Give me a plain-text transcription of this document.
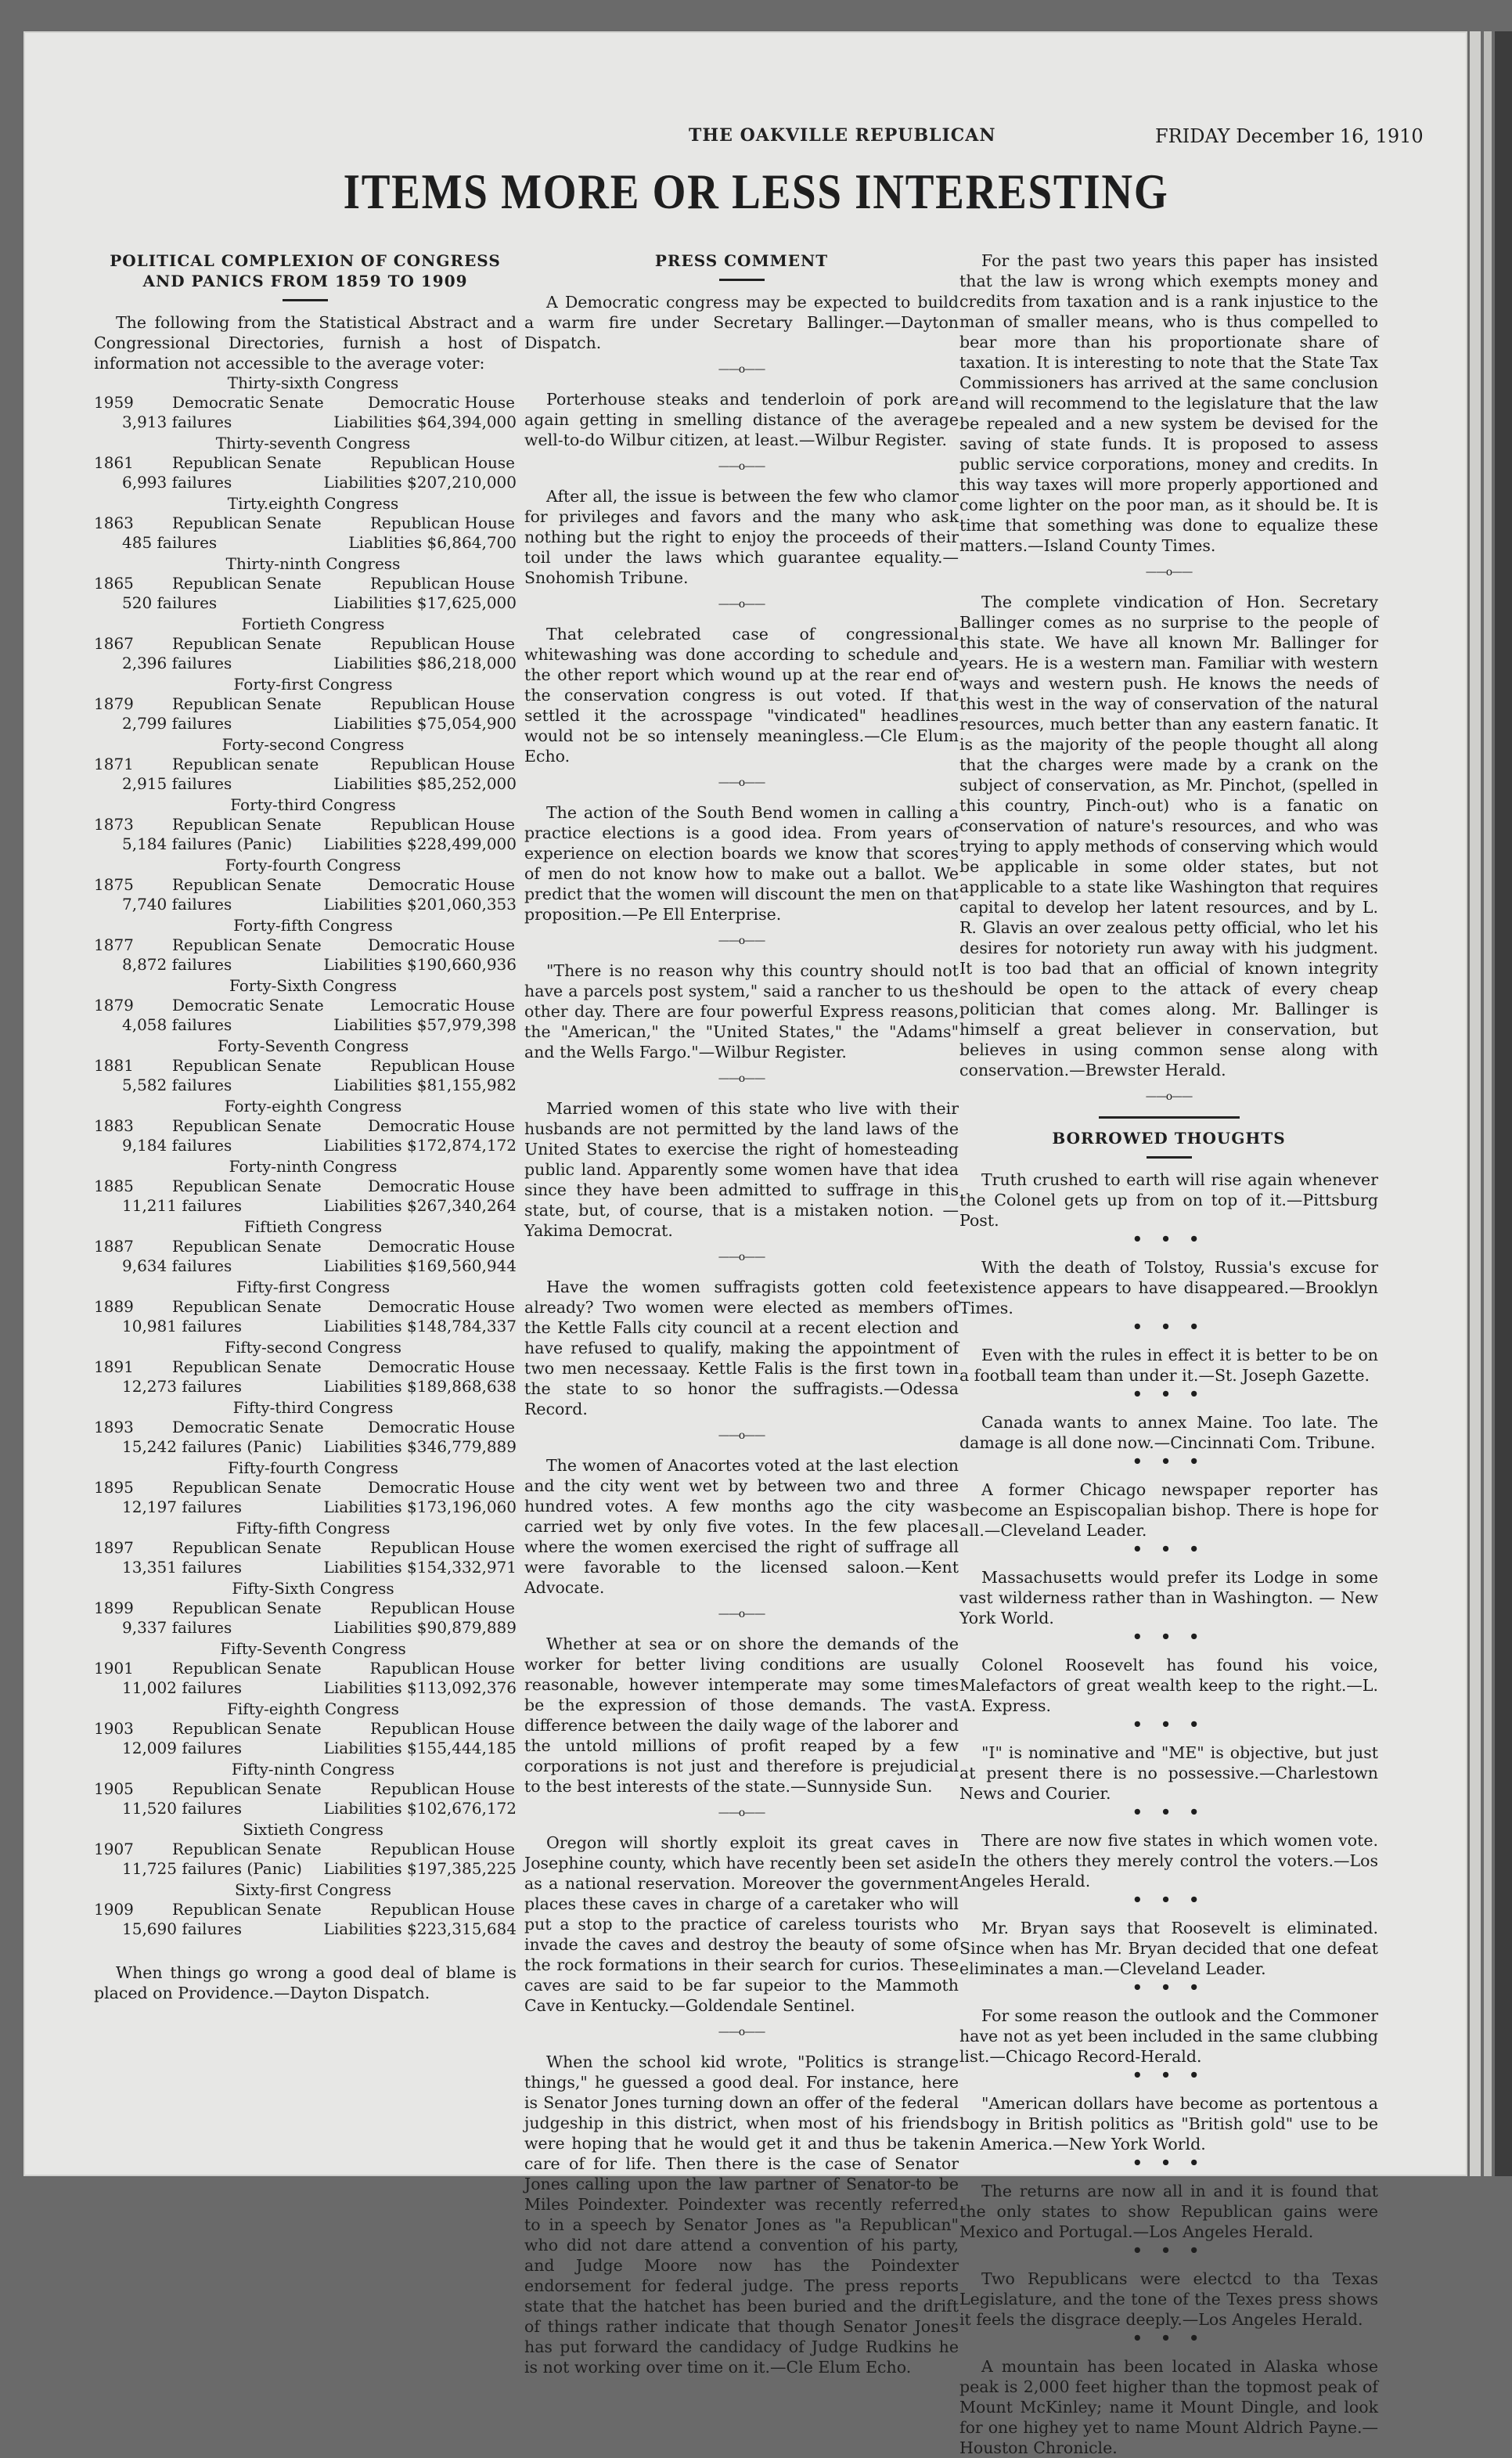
THE OAKVILLE REPUBLICAN	FRIDAY December 16, 1910
ITEMS MORE OR LESS INTERESTING
POLITICAL COMPLEXION OF CONGRESS
AND PANICS FROM 1859 TO 1909

The following from the Statistical Abstract and Congressional Directories, furnish a host of information not accessible to the average voter:

Thirty-sixth Congress
1959	Democratic Senate	Democratic House
3,913 failures	Liabilities $64,394,000
Thirty-seventh Congress
1861	Republican Senate	Republican House
6,993 failures	Liabilities $207,210,000
Tirty.eighth Congress
1863	Republican Senate	Republican House
485 failures	Liablities $6,864,700
Thirty-ninth Congress
1865	Republican Senate	Republican House
520 failures	Liabilities $17,625,000
Fortieth Congress
1867	Republican Senate	Republican House
2,396 failures	Liabilities $86,218,000
Forty-first Congress
1879	Republican Senate	Republican House
2,799 failures	Liabilities $75,054,900
Forty-second Congress
1871	Republican senate	Republican House
2,915 failures	Liabilities $85,252,000
Forty-third Congress
1873	Republican Senate	Republican House
5,184 failures (Panic) Liabilities $228,499,000
Forty-fourth Congress
1875	Republican Senate	Democratic House
7,740 failures	Liabilities $201,060,353
Forty-fifth Congress
1877	Republican Senate	Democratic House
8,872 failures	Liabilities $190,660,936
Forty-Sixth Congress
1879	Democratic Senate	Lemocratic House
4,058 failures	Liabilities $57,979,398
Forty-Seventh Congress
1881	Republican Senate	Republican House
5,582 failures	Liabilities $81,155,982
Forty-eighth Congress
1883	Republican Senate	Democratic House
9,184 failures	Liabilities $172,874,172
Forty-ninth Congress
1885	Republican Senate	Democratic House
11,211 failures	Liabilities $267,340,264
Fiftieth Congress
1887	Republican Senate	Democratic House
9,634 failures	Liabilities $169,560,944
Fifty-first Congress
1889	Republican Senate	Democratic House
10,981 failures	Liabilities $148,784,337
Fifty-second Congress
1891	Republican Senate	Democratic House
12,273 failures	Liabilities $189,868,638
Fifty-third Congress
1893	Democratic Senate	Democratic House
15,242 failures (Panic) Liabilities $346,779,889
Fifty-fourth Congress
1895	Republican Senate	Democratic House
12,197 failures	Liabilities $173,196,060
Fifty-fifth Congress
1897	Republican Senate	Republican House
13,351 failures	Liabilities $154,332,971
Fifty-Sixth Congress
1899	Republican Senate	Republican House
9,337 failures	Liabilities $90,879,889
Fifty-Seventh Congress
1901	Republican Senate	Rapublican House
11,002 failures	Liabilities $113,092,376
Fifty-eighth Congress
1903	Republican Senate	Republican House
12,009 failures	Liabilities $155,444,185
Fifty-ninth Congress
1905	Republican Senate	Republican House
11,520 failures	Liabilities $102,676,172
Sixtieth Congress
1907	Republican Senate	Republican House
11,725 failures (Panic) Liabilities $197,385,225
Sixty-first Congress
1909	Republican Senate	Republican House
15,690 failures	Liabilities $223,315,684

When things go wrong a good deal of blame is placed on Providence.—Dayton Dispatch.

PRESS COMMENT

A Democratic congress may be expected to build a warm fire under Secretary Ballinger.—Dayton Dispatch.

——o——

Porterhouse steaks and tenderloin of pork are again getting in smelling distance of the average well-to-do Wilbur citizen, at least.—Wilbur Register.

——o——

After all, the issue is between the few who clamor for privileges and favors and the many who ask nothing but the right to enjoy the proceeds of their toil under the laws which guarantee equality.—Snohomish Tribune.

——o——

That celebrated case of congressional whitewashing was done according to schedule and the other report which wound up at the rear end of the conservation congress is out voted. If that settled it the acrosspage "vindicated" headlines would not be so intensely meaningless.—Cle Elum Echo.

——o——

The action of the South Bend women in calling a practice elections is a good idea. From years of experience on election boards we know that scores of men do not know how to make out a ballot. We predict that the women will discount the men on that proposition.—Pe Ell Enterprise.

——o——

"There is no reason why this country should not have a parcels post system," said a rancher to us the other day. There are four powerful Express reasons, the "American," the "United States," the "Adams" and the Wells Fargo."—Wilbur Register.

——o——

Married women of this state who live with their husbands are not permitted by the land laws of the United States to exercise the right of homesteading public land. Apparently some women have that idea since they have been admitted to suffrage in this state, but, of course, that is a mistaken notion. — Yakima Democrat.

——o——

Have the women suffragists gotten cold feet already? Two women were elected as members of the Kettle Falls city council at a recent election and have refused to qualify, making the appointment of two men necessaay. Kettle Falis is the first town in the state to so honor the suffragists.—Odessa Record.

——o——

The women of Anacortes voted at the last election and the city went wet by between two and three hundred votes. A few months ago the city was carried wet by only five votes. In the few places where the women exercised the right of suffrage all were favorable to the licensed saloon.—Kent Advocate.

——o——

Whether at sea or on shore the demands of the worker for better living conditions are usually reasonable, however intemperate may some times be the expression of those demands. The vast difference between the daily wage of the laborer and the untold millions of profit reaped by a few corporations is not just and therefore is prejudicial to the best interests of the state.—Sunnyside Sun.

——o——

Oregon will shortly exploit its great caves in Josephine county, which have recently been set aside as a national reservation. Moreover the government places these caves in charge of a caretaker who will put a stop to the practice of careless tourists who invade the caves and destroy the beauty of some of the rock formations in their search for curios. These caves are said to be far supeior to the Mammoth Cave in Kentucky.—Goldendale Sentinel.

——o——

When the school kid wrote, "Politics is strange things," he guessed a good deal. For instance, here is Senator Jones turning down an offer of the federal judgeship in this district, when most of his friends were hoping that he would get it and thus be taken care of for life. Then there is the case of Senator Jones calling upon the law partner of Senator-to be Miles Poindexter. Poindexter was recently referred to in a speech by Senator Jones as "a Republican" who did not dare attend a convention of his party, and Judge Moore now has the Poindexter endorsement for federal judge. The press reports state that the hatchet has been buried and the drift of things rather indicate that though Senator Jones has put forward the candidacy of Judge Rudkins he is not working over time on it.—Cle Elum Echo.

For the past two years this paper has insisted that the law is wrong which exempts money and credits from taxation and is a rank injustice to the man of smaller means, who is thus compelled to bear more than his proportionate share of taxation. It is interesting to note that the State Tax Commissioners has arrived at the same conclusion and will recommend to the legislature that the law be repealed and a new system be devised for the saving of state funds. It is proposed to assess public service corporations, money and credits. In this way taxes will more properly apportioned and come lighter on the poor man, as it should be. It is time that something was done to equalize these matters.—Island County Times.

——o——

The complete vindication of Hon. Secretary Ballinger comes as no surprise to the people of this state. We have all known Mr. Ballinger for years. He is a western man. Familiar with western ways and western push. He knows the needs of this west in the way of conservation of the natural resources, much better than any eastern fanatic. It is as the majority of the people thought all along that the charges were made by a crank on the subject of conservation, as Mr. Pinchot, (spelled in this country, Pinch-out) who is a fanatic on conservation of nature's resources, and who was trying to apply methods of conserving which would be applicable in some older states, but not applicable to a state like Washington that requires capital to develop her latent resources, and by L. R. Glavis an over zealous petty official, who let his desires for notoriety run away with his judgment. It is too bad that an official of known integrity should be open to the attack of every cheap politician that comes along. Mr. Ballinger is himself a great believer in conservation, but believes in using common sense along with conservation.—Brewster Herald.

——o——
BORROWED THOUGHTS

Truth crushed to earth will rise again whenever the Colonel gets up from on top of it.—Pittsburg Post.

• • •

With the death of Tolstoy, Russia's excuse for existence appears to have disappeared.—Brooklyn Times.

• • •

Even with the rules in effect it is better to be on a football team than under it.—St. Joseph Gazette.

• • •

Canada wants to annex Maine. Too late. The damage is all done now.—Cincinnati Com. Tribune.

• • •

A former Chicago newspaper reporter has become an Espiscopalian bishop. There is hope for all.—Cleveland Leader.

• • •

Massachusetts would prefer its Lodge in some vast wilderness rather than in Washington. — New York World.

• • •

Colonel Roosevelt has found his voice, Malefactors of great wealth keep to the right.—L. A. Express.

• • •

"I" is nominative and "ME" is objective, but just at present there is no possessive.—Charlestown News and Courier.

• • •

There are now five states in which women vote. In the others they merely control the voters.—Los Angeles Herald.

• • •

Mr. Bryan says that Roosevelt is eliminated. Since when has Mr. Bryan decided that one defeat eliminates a man.—Cleveland Leader.

• • •

For some reason the outlook and the Commoner have not as yet been included in the same clubbing list.—Chicago Record-Herald.

• • •

"American dollars have become as portentous a bogy in British politics as "British gold" use to be in America.—New York World.

• • •

The returns are now all in and it is found that the only states to show Republican gains were Mexico and Portugal.—Los Angeles Herald.

• • •

Two Republicans were electcd to tha Texas Legislature, and the tone of the Texes press shows it feels the disgrace deeply.—Los Angeles Herald.

• • •

A mountain has been located in Alaska whose peak is 2,000 feet higher than the topmost peak of Mount McKinley; name it Mount Dingle, and look for one highey yet to name Mount Aldrich Payne.—Houston Chronicle.
